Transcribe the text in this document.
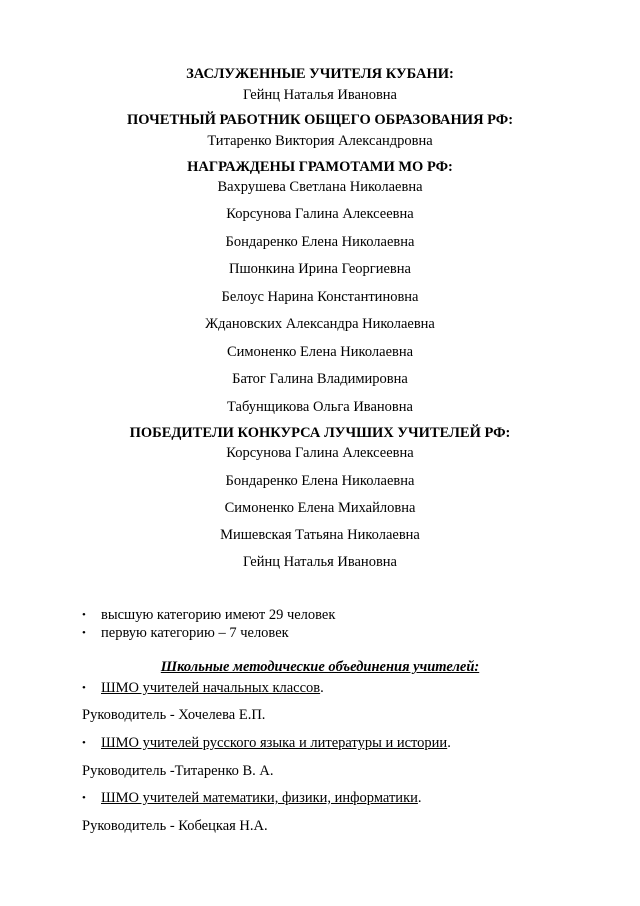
ЗАСЛУЖЕННЫЕ УЧИТЕЛЯ КУБАНИ:
Гейнц Наталья Ивановна
ПОЧЕТНЫЙ РАБОТНИК ОБЩЕГО ОБРАЗОВАНИЯ РФ:
Титаренко Виктория Александровна
НАГРАЖДЕНЫ ГРАМОТАМИ МО РФ:
Вахрушева Светлана Николаевна
Корсунова Галина Алексеевна
Бондаренко Елена Николаевна
Пшонкина Ирина Георгиевна
Белоус Нарина Константиновна
Ждановских Александра Николаевна
Симоненко Елена Николаевна
Батог Галина Владимировна
Табунщикова Ольга Ивановна
ПОБЕДИТЕЛИ КОНКУРСА ЛУЧШИХ УЧИТЕЛЕЙ РФ:
Корсунова Галина Алексеевна
Бондаренко Елена Николаевна
Симоненко Елена Михайловна
Мишевская Татьяна Николаевна
Гейнц Наталья Ивановна
• высшую категорию имеют 29 человек
• первую категорию – 7 человек
Школьные методические объединения учителей:
• ШМО учителей начальных классов.
Руководитель - Хочелева Е.П.
• ШМО учителей русского языка и литературы и истории.
Руководитель -Титаренко В. А.
• ШМО учителей математики, физики, информатики.
Руководитель - Кобецкая Н.А.
